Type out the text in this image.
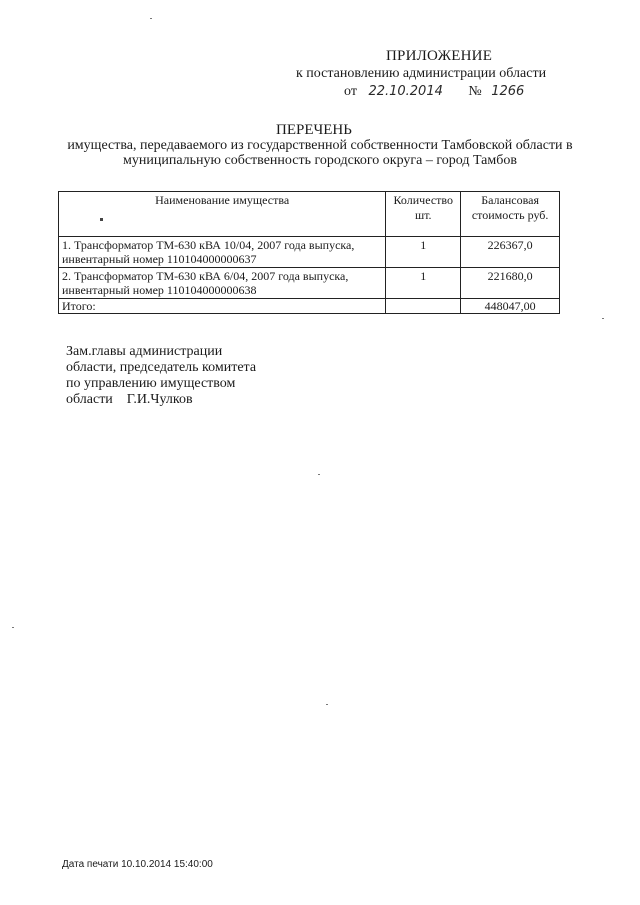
ПРИЛОЖЕНИЕ
к постановлению администрации области
от 22.10.2014 № 1266
ПЕРЕЧЕНЬ
имущества, передаваемого из государственной собственности Тамбовской области в муниципальную собственность городского округа – город Тамбов
Наименование имущества	Количество шт.	Балансовая стоимость руб.
1. Трансформатор ТМ-630 кВА 10/04, 2007 года выпуска, инвентарный номер 110104000000637	1	226367,0
2. Трансформатор ТМ-630 кВА 6/04, 2007 года выпуска, инвентарный номер 110104000000638	1	221680,0
Итого:		448047,00
Зам.главы администрации
области, председатель комитета
по управлению имуществом
области    Г.И.Чулков
Дата печати 10.10.2014 15:40:00
